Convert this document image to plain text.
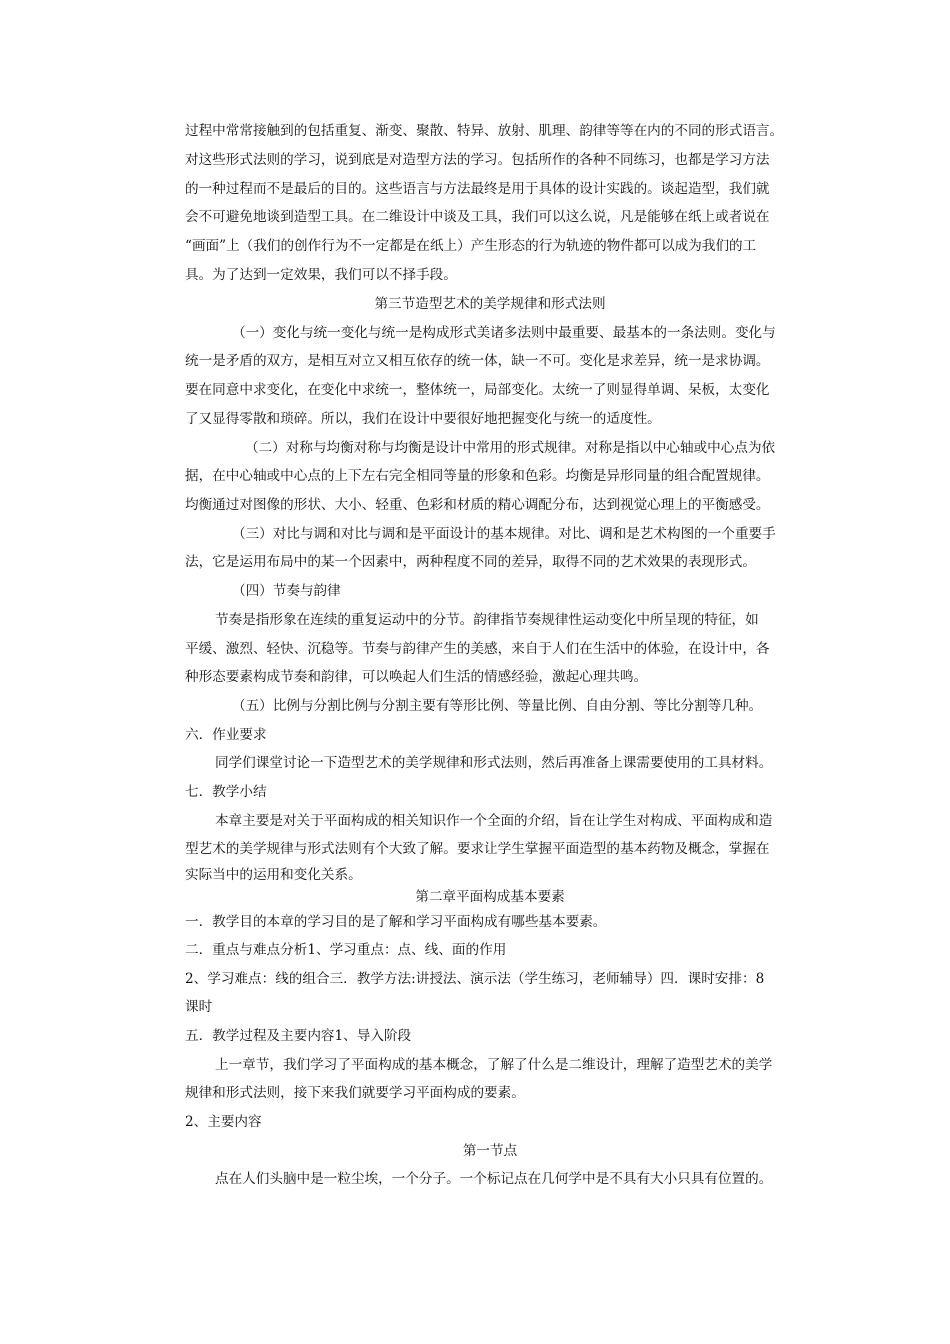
过程中常常接触到的包括重复、渐变、聚散、特异、放射、肌理、韵律等等在内的不同的形式语言。
对这些形式法则的学习，说到底是对造型方法的学习。包括所作的各种不同练习，也都是学习方法
的一种过程而不是最后的目的。这些语言与方法最终是用于具体的设计实践的。谈起造型，我们就
会不可避免地谈到造型工具。在二维设计中谈及工具，我们可以这么说，凡是能够在纸上或者说在
“画面”上（我们的创作行为不一定都是在纸上）产生形态的行为轨迹的物件都可以成为我们的工
具。为了达到一定效果，我们可以不择手段。
第三节造型艺术的美学规律和形式法则
（一）变化与统一变化与统一是构成形式美诸多法则中最重要、最基本的一条法则。变化与
统一是矛盾的双方，是相互对立又相互依存的统一体，缺一不可。变化是求差异，统一是求协调。
要在同意中求变化，在变化中求统一，整体统一，局部变化。太统一了则显得单调、呆板，太变化
了又显得零散和琐碎。所以，我们在设计中要很好地把握变化与统一的适度性。
（二）对称与均衡对称与均衡是设计中常用的形式规律。对称是指以中心轴或中心点为依
据，在中心轴或中心点的上下左右完全相同等量的形象和色彩。均衡是异形同量的组合配置规律。
均衡通过对图像的形状、大小、轻重、色彩和材质的精心调配分布，达到视觉心理上的平衡感受。
（三）对比与调和对比与调和是平面设计的基本规律。对比、调和是艺术构图的一个重要手
法，它是运用布局中的某一个因素中，两种程度不同的差异，取得不同的艺术效果的表现形式。
（四）节奏与韵律
节奏是指形象在连续的重复运动中的分节。韵律指节奏规律性运动变化中所呈现的特征，如
平缓、激烈、轻快、沉稳等。节奏与韵律产生的美感，来自于人们在生活中的体验，在设计中，各
种形态要素构成节奏和韵律，可以唤起人们生活的情感经验，激起心理共鸣。
（五）比例与分割比例与分割主要有等形比例、等量比例、自由分割、等比分割等几种。
六．作业要求
同学们课堂讨论一下造型艺术的美学规律和形式法则，然后再准备上课需要使用的工具材料。
七．教学小结
本章主要是对关于平面构成的相关知识作一个全面的介绍，旨在让学生对构成、平面构成和造
型艺术的美学规律与形式法则有个大致了解。要求让学生掌握平面造型的基本药物及概念，掌握在
实际当中的运用和变化关系。
第二章平面构成基本要素
一．教学目的本章的学习目的是了解和学习平面构成有哪些基本要素。
二．重点与难点分析1、学习重点：点、线、面的作用
2、学习难点：线的组合三．教学方法:讲授法、演示法（学生练习，老师辅导）四．课时安排：8
课时
五．教学过程及主要内容1、导入阶段
上一章节，我们学习了平面构成的基本概念，了解了什么是二维设计，理解了造型艺术的美学
规律和形式法则，接下来我们就要学习平面构成的要素。
2、主要内容
第一节点
点在人们头脑中是一粒尘埃，一个分子。一个标记点在几何学中是不具有大小只具有位置的。
